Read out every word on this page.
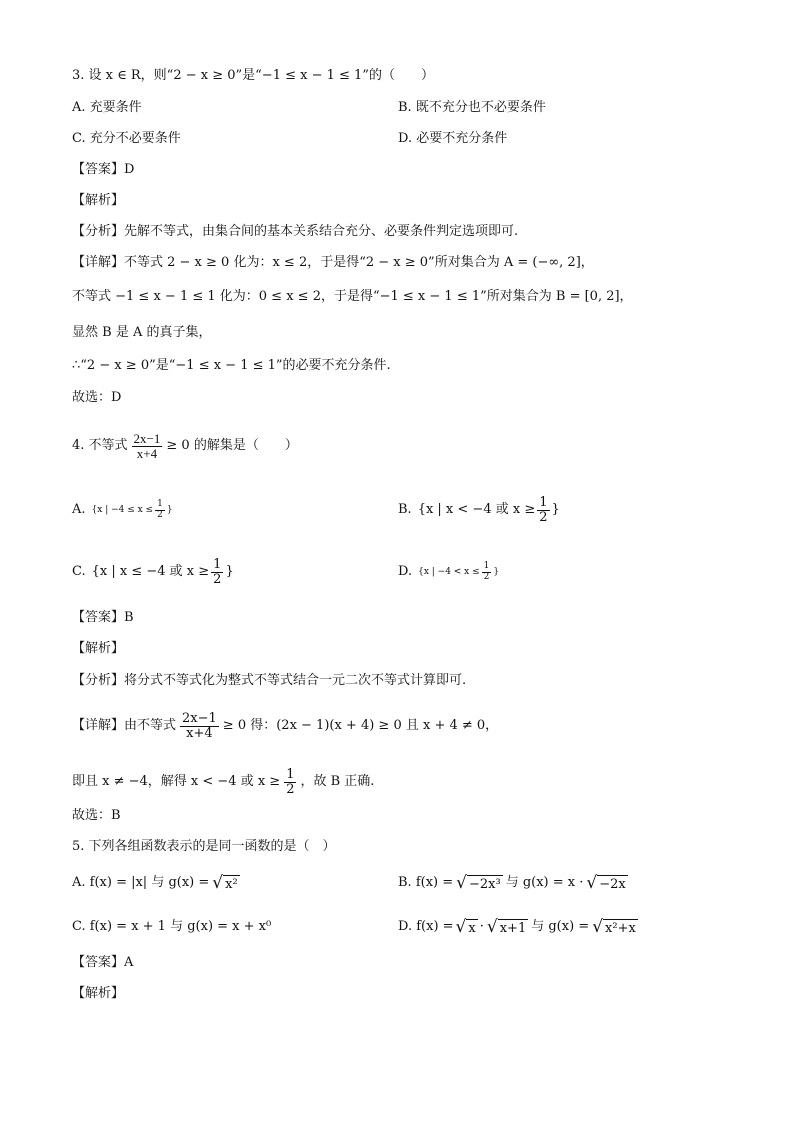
3. 设 x ∈ R，则“2 − x ≥ 0”是“−1 ≤ x − 1 ≤ 1”的（　　）
A. 充要条件	B. 既不充分也不必要条件
C. 充分不必要条件	D. 必要不充分条件
【答案】D
【解析】
【分析】先解不等式，由集合间的基本关系结合充分、必要条件判定选项即可.
【详解】不等式 2 − x ≥ 0 化为：x ≤ 2，于是得“2 − x ≥ 0”所对集合为 A = (−∞, 2]，
不等式 −1 ≤ x − 1 ≤ 1 化为：0 ≤ x ≤ 2，于是得“−1 ≤ x − 1 ≤ 1”所对集合为 B = [0, 2]，
显然 B 是 A 的真子集，
∴“2 − x ≥ 0”是“−1 ≤ x − 1 ≤ 1”的必要不充分条件.
故选：D
4. 不等式 $\frac{2x-1}{x+4} \ge 0$ 的解集是（　　）
A. {x | $-4 \le x \le \frac{1}{2}$ }	B. {x | x < −4 或 $x \ge \frac{1}{2}$ }
C. {x | x ≤ −4 或 $x \ge \frac{1}{2}$ }	D. {x | $-4 < x \le \frac{1}{2}$ }
【答案】B
【解析】
【分析】将分式不等式化为整式不等式结合一元二次不等式计算即可.
【详解】由不等式 $\frac{2x-1}{x+4} \ge 0$ 得：(2x − 1)(x + 4) ≥ 0 且 x + 4 ≠ 0，
即且 x ≠ −4，解得 x < −4 或 $x \ge \frac{1}{2}$ ，故 B 正确.
故选：B
5. 下列各组函数表示的是同一函数的是（　）
A. f(x) = |x| 与 g(x) = √ x²	B. f(x) = √ −2x³ 与 g(x) = x · √ −2x
C. f(x) = x + 1 与 g(x) = x + x⁰	D. f(x) = √ x · √ x+1 与 g(x) = √ x²+x
【答案】A
【解析】
